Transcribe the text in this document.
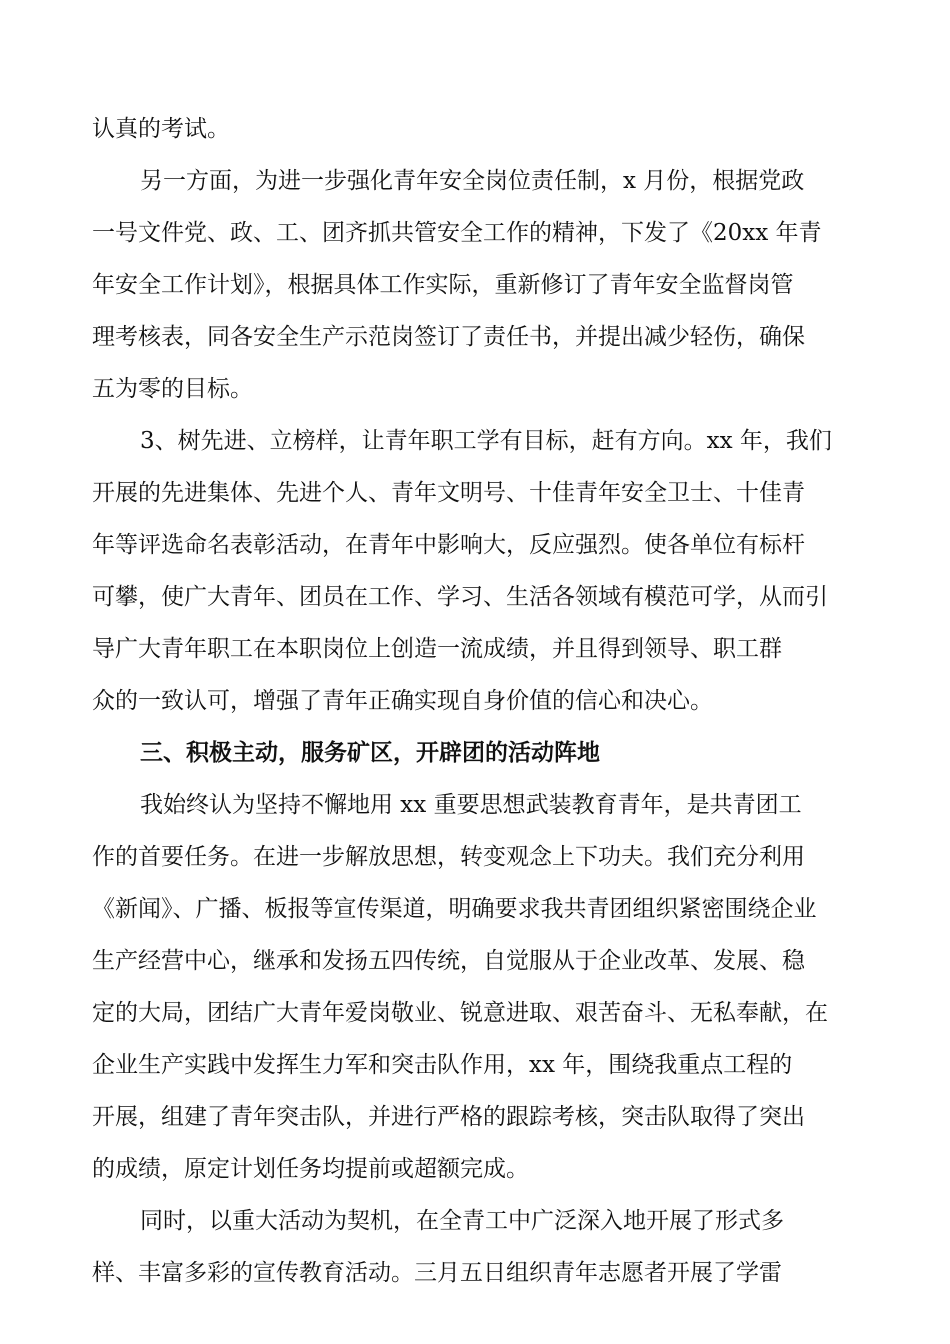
认真的考试。
另一方面，为进一步强化青年安全岗位责任制，x 月份，根据党政
一号文件党、政、工、团齐抓共管安全工作的精神，下发了《20xx 年青
年安全工作计划》，根据具体工作实际，重新修订了青年安全监督岗管
理考核表，同各安全生产示范岗签订了责任书，并提出减少轻伤，确保
五为零的目标。
3、树先进、立榜样，让青年职工学有目标，赶有方向。xx 年，我们
开展的先进集体、先进个人、青年文明号、十佳青年安全卫士、十佳青
年等评选命名表彰活动，在青年中影响大，反应强烈。使各单位有标杆
可攀，使广大青年、团员在工作、学习、生活各领域有模范可学，从而引
导广大青年职工在本职岗位上创造一流成绩，并且得到领导、职工群
众的一致认可，增强了青年正确实现自身价值的信心和决心。
三、积极主动，服务矿区，开辟团的活动阵地
我始终认为坚持不懈地用 xx 重要思想武装教育青年，是共青团工
作的首要任务。在进一步解放思想，转变观念上下功夫。我们充分利用
《新闻》、广播、板报等宣传渠道，明确要求我共青团组织紧密围绕企业
生产经营中心，继承和发扬五四传统，自觉服从于企业改革、发展、稳
定的大局，团结广大青年爱岗敬业、锐意进取、艰苦奋斗、无私奉献，在
企业生产实践中发挥生力军和突击队作用，xx 年，围绕我重点工程的
开展，组建了青年突击队，并进行严格的跟踪考核，突击队取得了突出
的成绩，原定计划任务均提前或超额完成。
同时，以重大活动为契机，在全青工中广泛深入地开展了形式多
样、丰富多彩的宣传教育活动。三月五日组织青年志愿者开展了学雷
